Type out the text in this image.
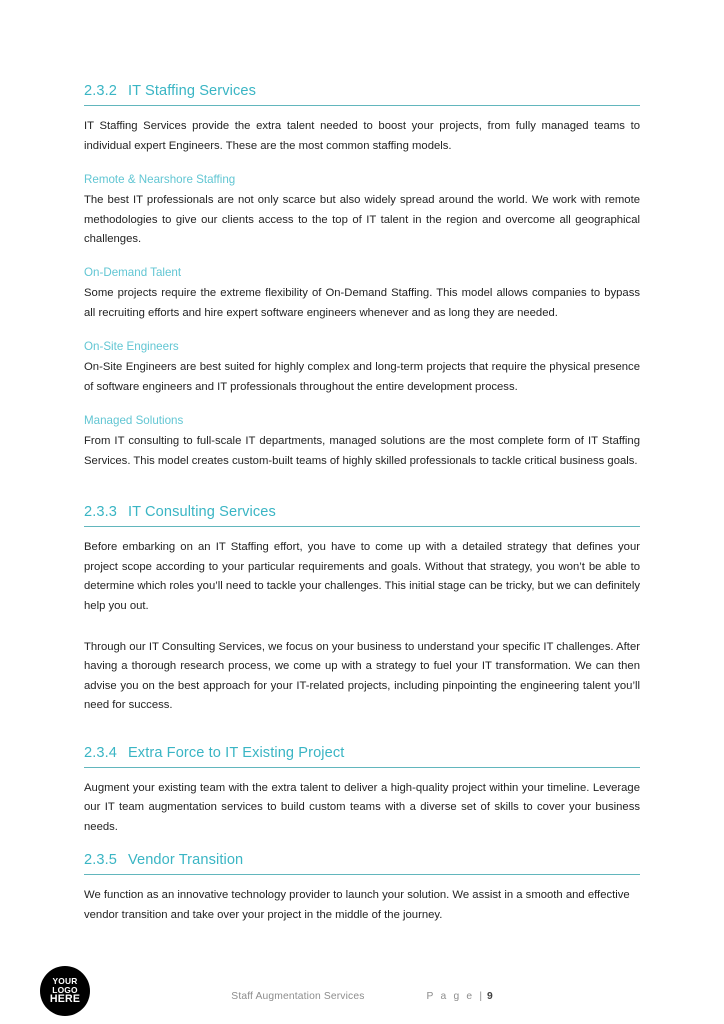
2.3.2 IT Staffing Services

IT Staffing Services provide the extra talent needed to boost your projects, from fully managed teams to individual expert Engineers. These are the most common staffing models.

Remote & Nearshore Staffing

The best IT professionals are not only scarce but also widely spread around the world. We work with remote methodologies to give our clients access to the top of IT talent in the region and overcome all geographical challenges.

On-Demand Talent

Some projects require the extreme flexibility of On-Demand Staffing. This model allows companies to bypass all recruiting efforts and hire expert software engineers whenever and as long they are needed.

On-Site Engineers

On-Site Engineers are best suited for highly complex and long-term projects that require the physical presence of software engineers and IT professionals throughout the entire development process.

Managed Solutions

From IT consulting to full-scale IT departments, managed solutions are the most complete form of IT Staffing Services. This model creates custom-built teams of highly skilled professionals to tackle critical business goals.

2.3.3 IT Consulting Services

Before embarking on an IT Staffing effort, you have to come up with a detailed strategy that defines your project scope according to your particular requirements and goals. Without that strategy, you won’t be able to determine which roles you’ll need to tackle your challenges. This initial stage can be tricky, but we can definitely help you out.

Through our IT Consulting Services, we focus on your business to understand your specific IT challenges. After having a thorough research process, we come up with a strategy to fuel your IT transformation. We can then advise you on the best approach for your IT-related projects, including pinpointing the engineering talent you’ll need for success.

2.3.4 Extra Force to IT Existing Project

Augment your existing team with the extra talent to deliver a high-quality project within your timeline. Leverage our IT team augmentation services to build custom teams with a diverse set of skills to cover your business needs.

2.3.5 Vendor Transition

We function as an innovative technology provider to launch your solution. We assist in a smooth and effective vendor transition and take over your project in the middle of the journey.

YOUR
LOGO
HERE	Staff Augmentation Services	P a g e | 9
